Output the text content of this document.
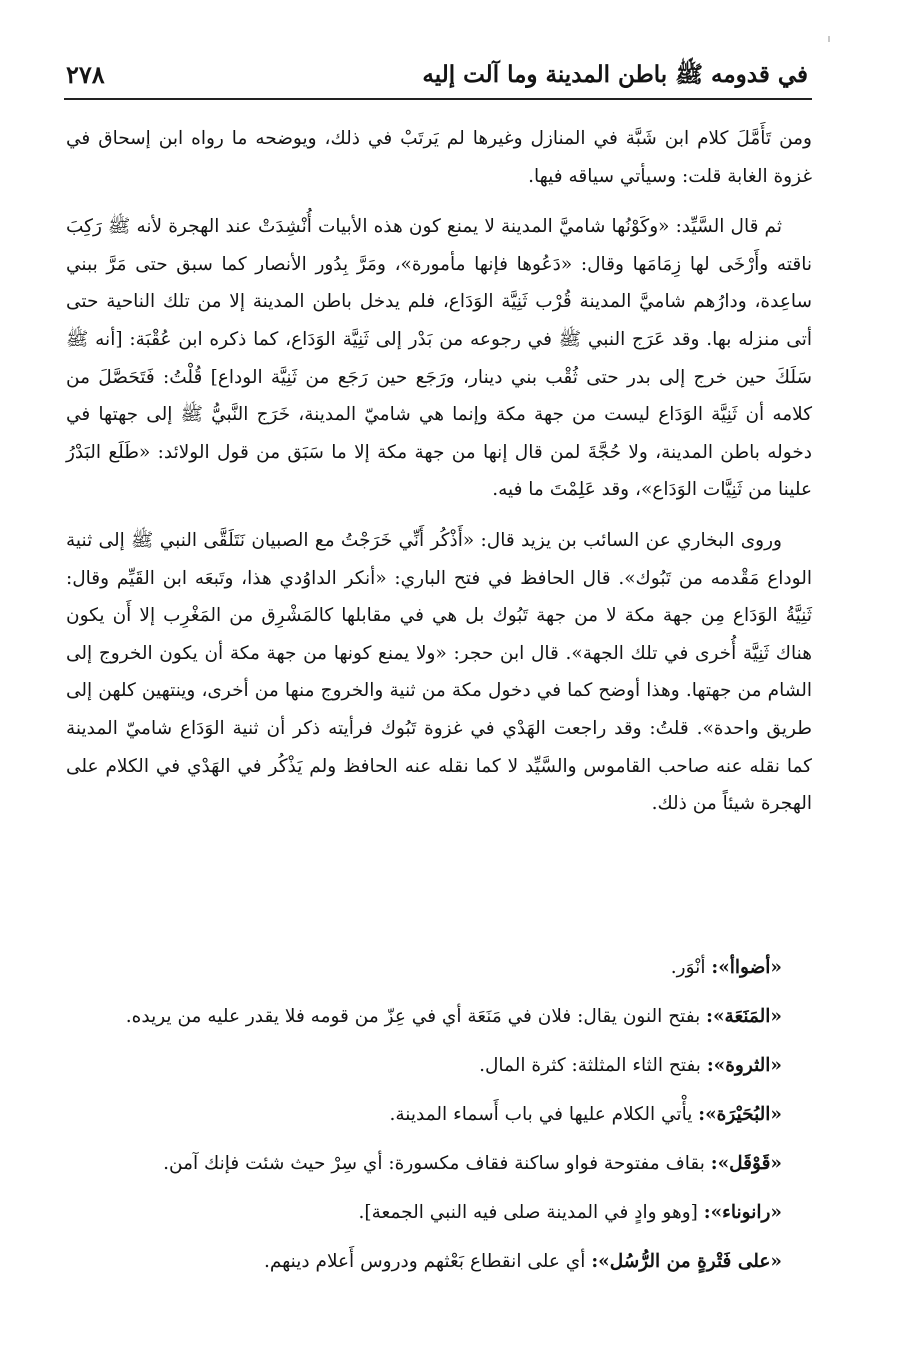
في قدومه ﷺ باطن المدينة وما آلت إليه
٢٧٨

ومن تَأَمَّلَ كلام ابن شَبَّة في المنازل وغيرها لم يَرتَبْ في ذلك، ويوضحه ما رواه ابن إسحاق في غزوة الغابة قلت: وسيأتي سياقه فيها.

ثم قال السَّيِّد: «وكَوْنُها شاميَّ المدينة لا يمنع كون هذه الأبيات أُنْشِدَتْ عند الهجرة لأنه ﷺ رَكِبَ ناقته وأَرْخَى لها زِمَامَها وقال: «دَعُوها فإنها مأمورة»، ومَرَّ بِدُور الأنصار كما سبق حتى مَرَّ ببني ساعِدة، ودارُهم شاميَّ المدينة قُرْب ثَنِيَّة الوَدَاع، فلم يدخل باطن المدينة إلا من تلك الناحية حتى أتى منزله بها. وقد عَرَج النبي ﷺ في رجوعه من بَدْر إلى ثَنِيَّة الوَدَاع، كما ذكره ابن عُقْبَة: [أنه ﷺ سَلَكَ حين خرج إلى بدر حتى ثُقْب بني دينار، ورَجَع حين رَجَع من ثَنِيَّة الوداع] قُلْتُ: فَتَحَصَّلَ من كلامه أن ثَنِيَّة الوَدَاع ليست من جهة مكة وإنما هي شاميّ المدينة، خَرَج النَّبيُّ ﷺ إلى جهتها في دخوله باطن المدينة، ولا حُجَّةَ لمن قال إنها من جهة مكة إلا ما سَبَق من قول الولائد: «طَلَع البَدْرُ علينا من ثَنِيَّات الوَدَاع»، وقد عَلِمْتَ ما فيه.

وروى البخاري عن السائب بن يزيد قال: «أَذْكُر أَنِّي خَرَجْتُ مع الصبيان نَتَلَقَّى النبي ﷺ إلى ثنية الوداع مَقْدمه من تَبُوك». قال الحافظ في فتح الباري: «أنكر الداوُدي هذا، وتَبعَه ابن القَيِّم وقال: ثَنِيَّةُ الوَدَاع مِن جهة مكة لا من جهة تَبُوك بل هي في مقابلها كالمَشْرِق من المَغْرِب إلا أَن يكون هناك ثَنِيَّة أُخرى في تلك الجهة». قال ابن حجر: «ولا يمنع كونها من جهة مكة أن يكون الخروج إلى الشام من جهتها. وهذا أوضح كما في دخول مكة من ثنية والخروج منها من أخرى، وينتهين كلهن إلى طريق واحدة». قلتُ: وقد راجعت الهَدْي في غزوة تَبُوك فرأيته ذكر أن ثنية الوَدَاع شاميّ المدينة كما نقله عنه صاحب القاموس والسَّيِّد لا كما نقله عنه الحافظ ولم يَذْكُر في الهَدْي في الكلام على الهجرة شيئاً من ذلك.

«أضواأ»: أنْوَر.

«المَنَعَة»: بفتح النون يقال: فلان في مَنَعَة أي في عِزّ من قومه فلا يقدر عليه من يريده.

«الثروة»: بفتح الثاء المثلثة: كثرة المال.

«البُحَيْرَة»: يأْتي الكلام عليها في باب أَسماء المدينة.

«قَوْقَل»: بقاف مفتوحة فواو ساكنة فقاف مكسورة: أي سِرْ حيث شئت فإنك آمن.

«رانوناء»: [وهو وادٍ في المدينة صلى فيه النبي الجمعة].

«على فَتْرةٍ من الرُّسُل»: أي على انقطاع بَعْثهم ودروس أَعلام دينهم.
